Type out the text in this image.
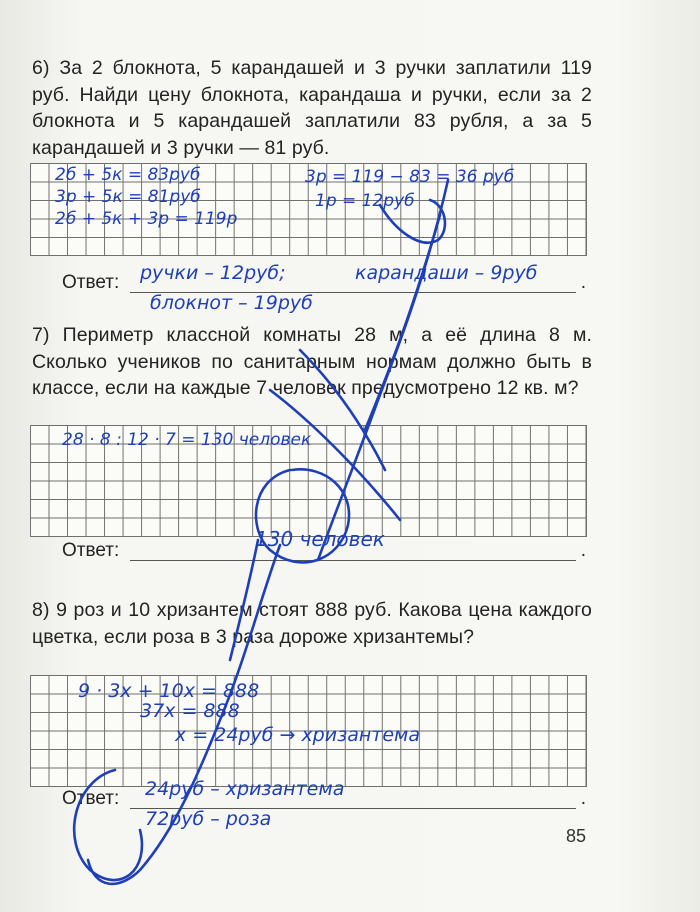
6) За 2 блокнота, 5 карандашей и 3 ручки заплатили 119 руб. Найди цену блокнота, карандаша и ручки, если за 2 блокнота и 5 карандашей заплатили 83 рубля, а за 5 карандашей и 3 ручки — 81 руб.

2б + 5к = 83руб

3р + 5к = 81руб

2б + 5к + 3р = 119р

3р = 119 − 83 = 36 руб

1р = 12руб

Ответ:	.

ручки – 12руб;	карандаши – 9руб

блокнот – 19руб

7) Периметр классной комнаты 28 м, а её длина 8 м. Сколько учеников по санитарным нормам должно быть в классе, если на каждые 7 человек предусмотрено 12 кв. м?

28 · 8 : 12 · 7 = 130 человек

Ответ:	.

130 человек

8) 9 роз и 10 хризантем стоят 888 руб. Какова цена каждого цветка, если роза в 3 раза дороже хризантемы?

9 · 3x + 10x = 888

37x = 888

x = 24руб → хризантема

Ответ:	.

24руб – хризантема

72руб – роза

85
